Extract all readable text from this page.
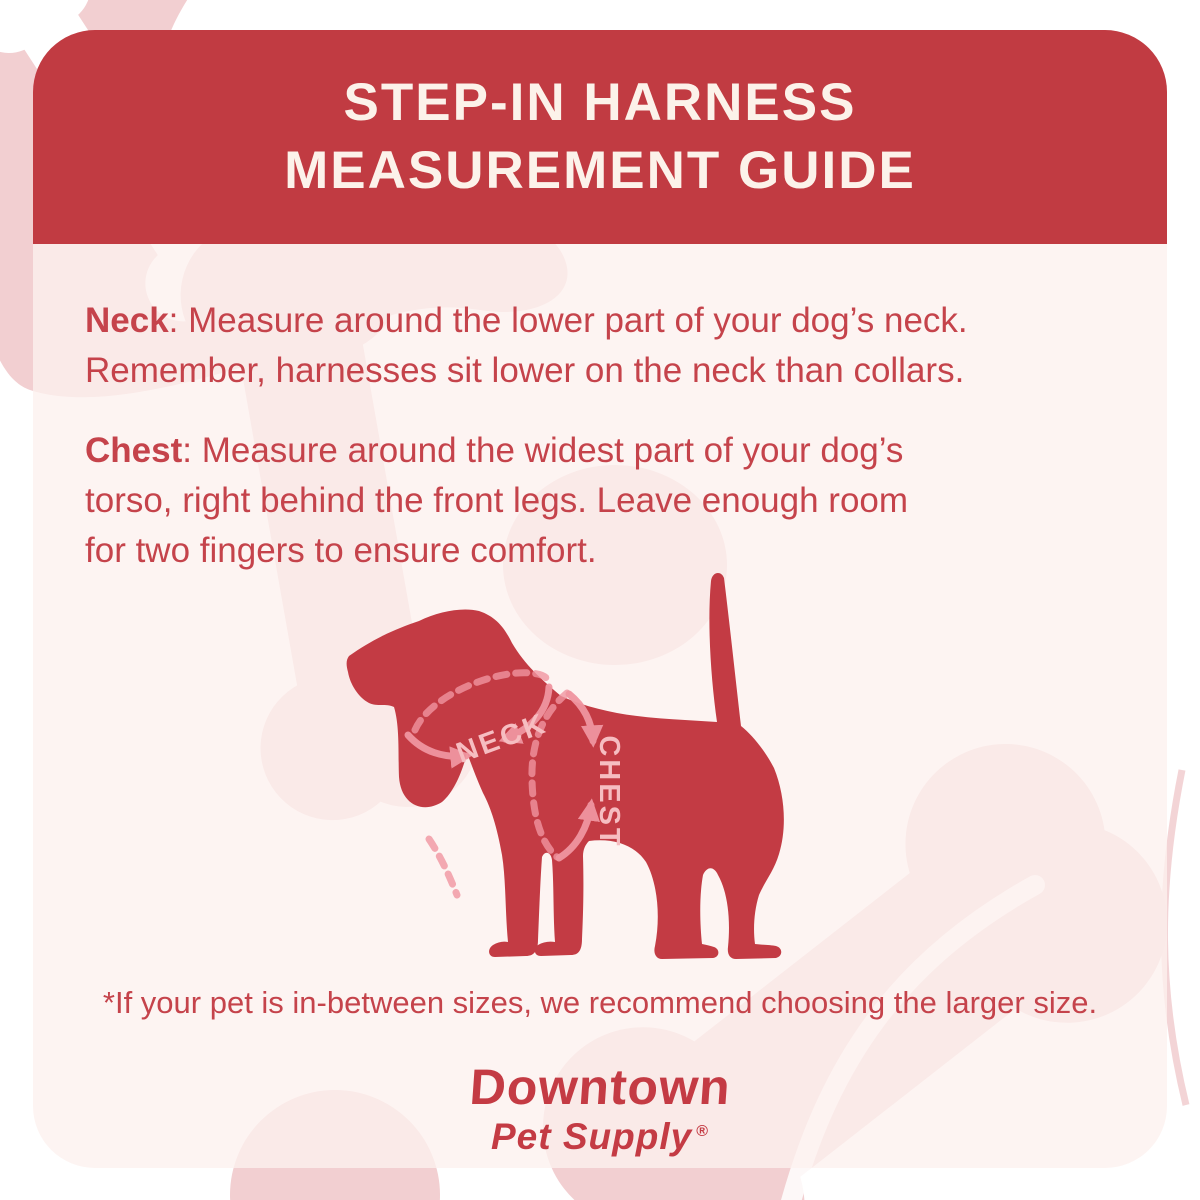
STEP-IN HARNESS
MEASUREMENT GUIDE
Neck: Measure around the lower part of your dog’s neck.
Remember, harnesses sit lower on the neck than collars.
Chest: Measure around the widest part of your dog’s
torso, right behind the front legs. Leave enough room
for two fingers to ensure comfort.
NECK CHEST
*If your pet is in-between sizes, we recommend choosing the larger size.
Downtown
Pet Supply ®
